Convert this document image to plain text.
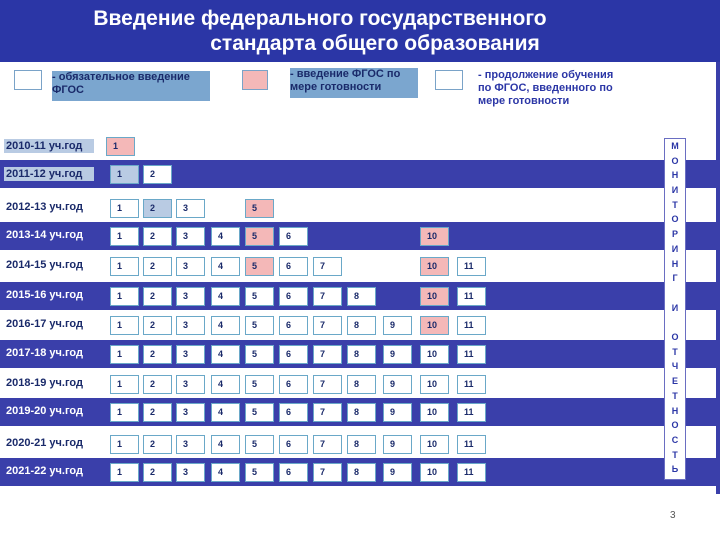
Введение федерального государственного
стандарта общего образования
- обязательное введение ФГОС
- введение ФГОС по мере готовности
- продолжение обучения по ФГОС, введенного по мере готовности
2010-11 уч.год	1
2011-12 уч.год	1	2
2012-13 уч.год	1	2	3	5
2013-14 уч.год	1	2	3	4	5	6	10
2014-15 уч.год	1	2	3	4	5	6	7	10	11
2015-16 уч.год	1	2	3	4	5	6	7	8	10	11
2016-17 уч.год	1	2	3	4	5	6	7	8	9	10	11
2017-18 уч.год	1	2	3	4	5	6	7	8	9	10	11
2018-19 уч.год	1	2	3	4	5	6	7	8	9	10	11
2019-20 уч.год	1	2	3	4	5	6	7	8	9	10	11
2020-21 уч.год	1	2	3	4	5	6	7	8	9	10	11
2021-22 уч.год	1	2	3	4	5	6	7	8	9	10	11
М
О
Н
И
Т
О
Р
И
Н
Г
И
О
Т
Ч
Е
Т
Н
О
С
Т
Ь
3
